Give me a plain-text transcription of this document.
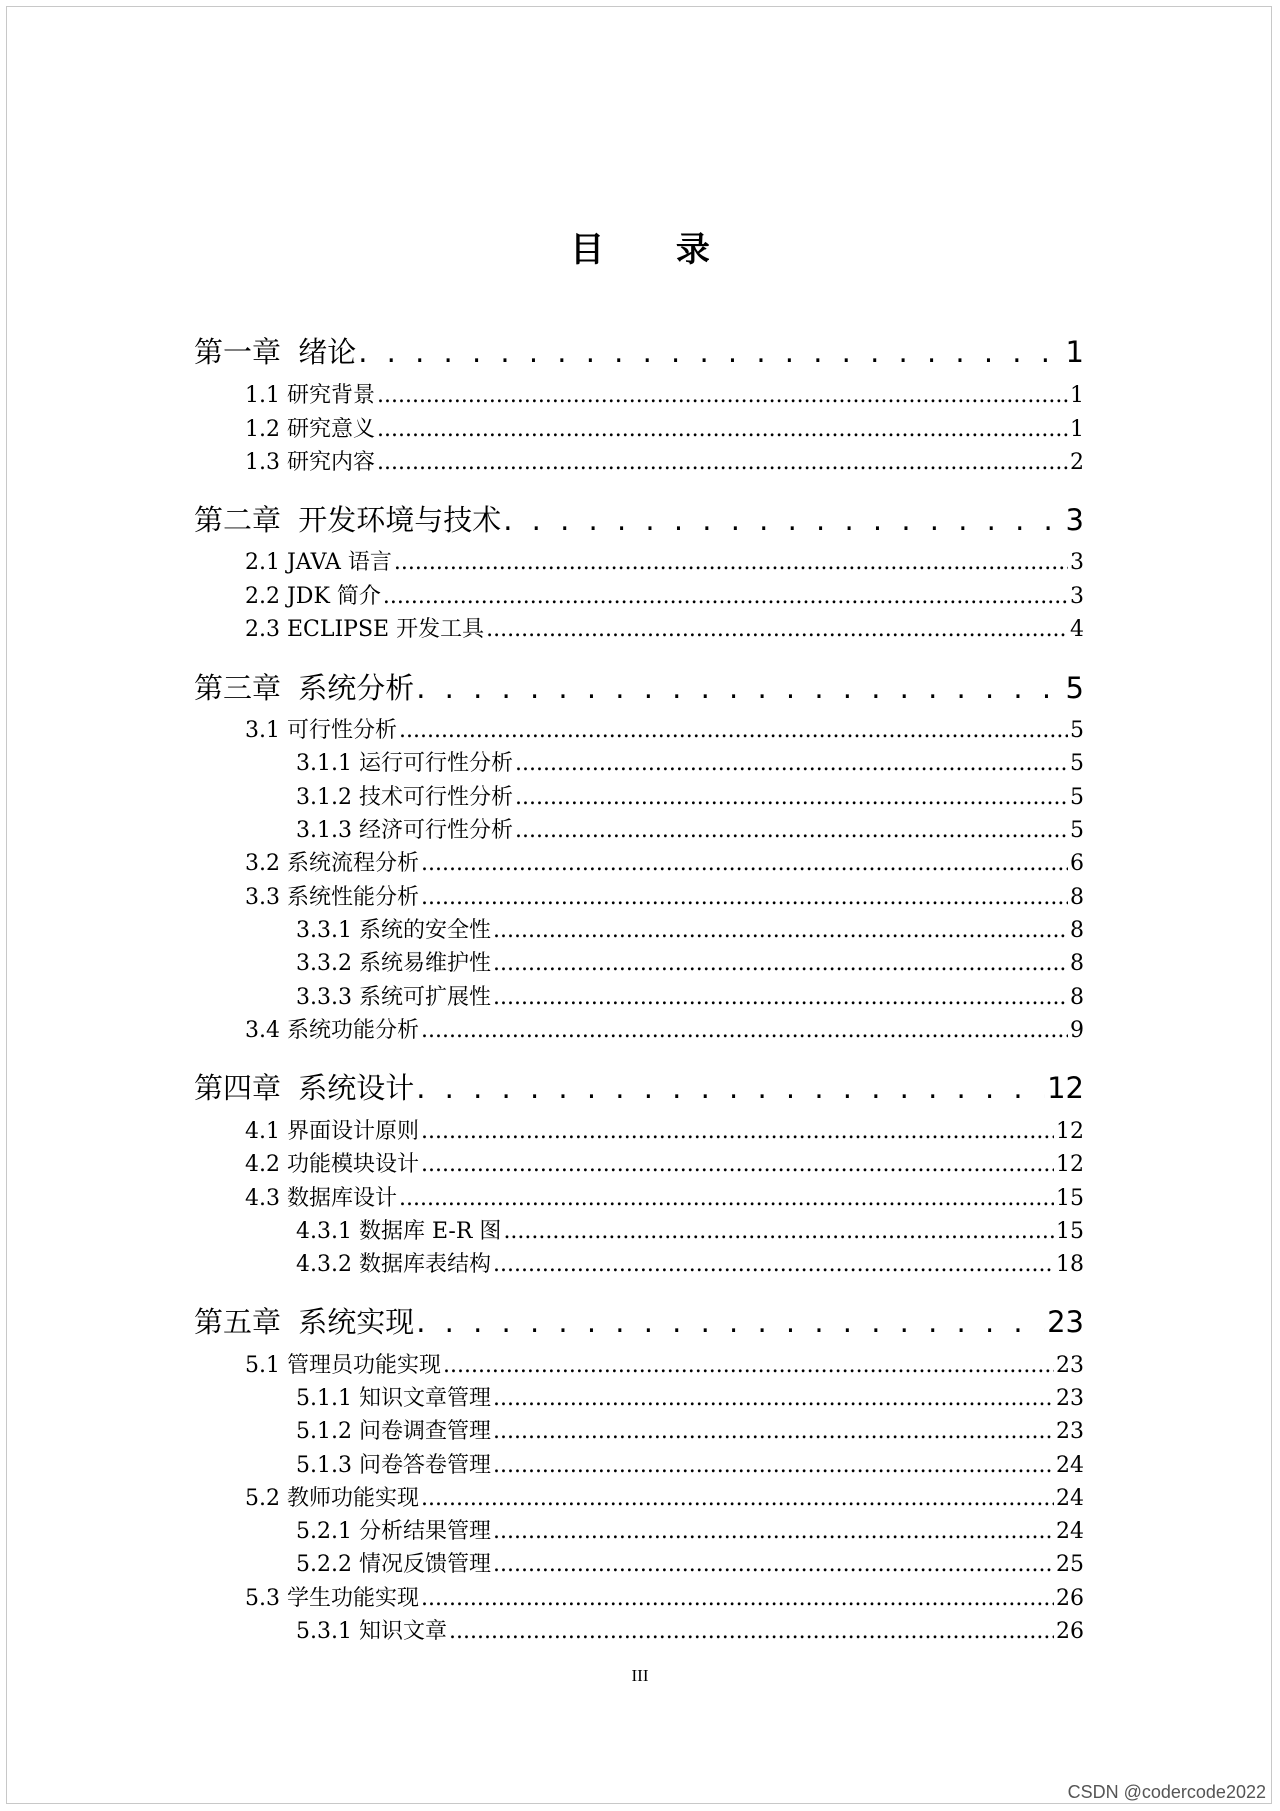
目 录
第一章 绪论 . . .	1
1.1 研究背景 .....	1
1.2 研究意义 .....	1
1.3 研究内容 .....	2
第二章 开发环境与技术 . . .	3
2.1 JAVA 语言 .....	3
2.2 JDK 简介 .....	3
2.3 ECLIPSE 开发工具 .....	4
第三章 系统分析 . . .	5
3.1 可行性分析 .....	5
3.1.1 运行可行性分析 .....	5
3.1.2 技术可行性分析 .....	5
3.1.3 经济可行性分析 .....	5
3.2 系统流程分析 .....	6
3.3 系统性能分析 .....	8
3.3.1 系统的安全性 .....	8
3.3.2 系统易维护性 .....	8
3.3.3 系统可扩展性 .....	8
3.4 系统功能分析 .....	9
第四章 系统设计 . . .	12
4.1 界面设计原则 .....	12
4.2 功能模块设计 .....	12
4.3 数据库设计 .....	15
4.3.1 数据库 E-R 图 .....	15
4.3.2 数据库表结构 .....	18
第五章 系统实现 . . .	23
5.1 管理员功能实现 .....	23
5.1.1 知识文章管理 .....	23
5.1.2 问卷调查管理 .....	23
5.1.3 问卷答卷管理 .....	24
5.2 教师功能实现 .....	24
5.2.1 分析结果管理 .....	24
5.2.2 情况反馈管理 .....	25
5.3 学生功能实现 .....	26
5.3.1 知识文章 .....	26
III
CSDN @codercode2022
